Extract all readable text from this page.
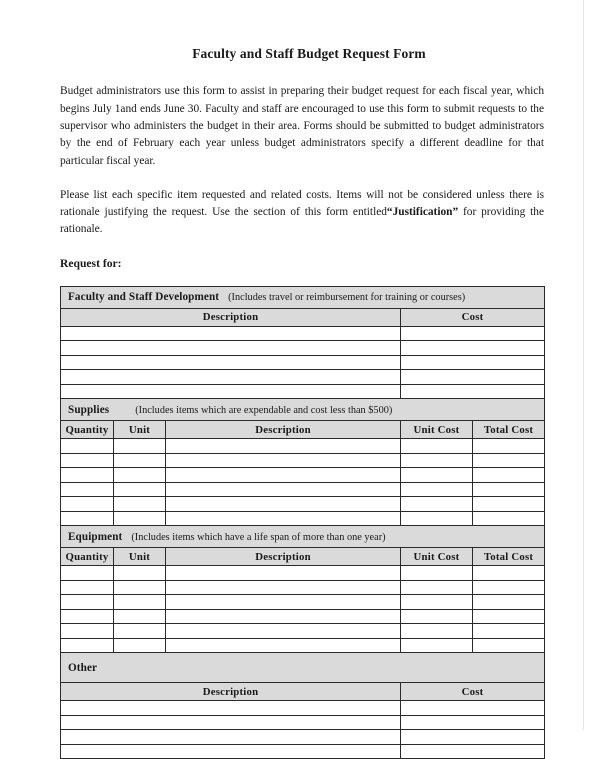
Faculty and Staff Budget Request Form

Budget administrators use this form to assist in preparing their budget request for each fiscal year, which begins July 1and ends June 30. Faculty and staff are encouraged to use this form to submit requests to the supervisor who administers the budget in their area. Forms should be submitted to budget administrators by the end of February each year unless budget administrators specify a different deadline for that particular fiscal year.

Please list each specific item requested and related costs. Items will not be considered unless there is rationale justifying the request. Use the section of this form entitled“Justification” for providing the rationale.

Request for:

Faculty and Staff Development (Includes travel or reimbursement for training or courses)				
Description			Cost	

Supplies (Includes items which are expendable and cost less than $500)				
Quantity	Unit	Description	Unit Cost	Total Cost

Equipment (Includes items which have a life span of more than one year)				
Quantity	Unit	Description	Unit Cost	Total Cost

Other				
Description			Cost	
